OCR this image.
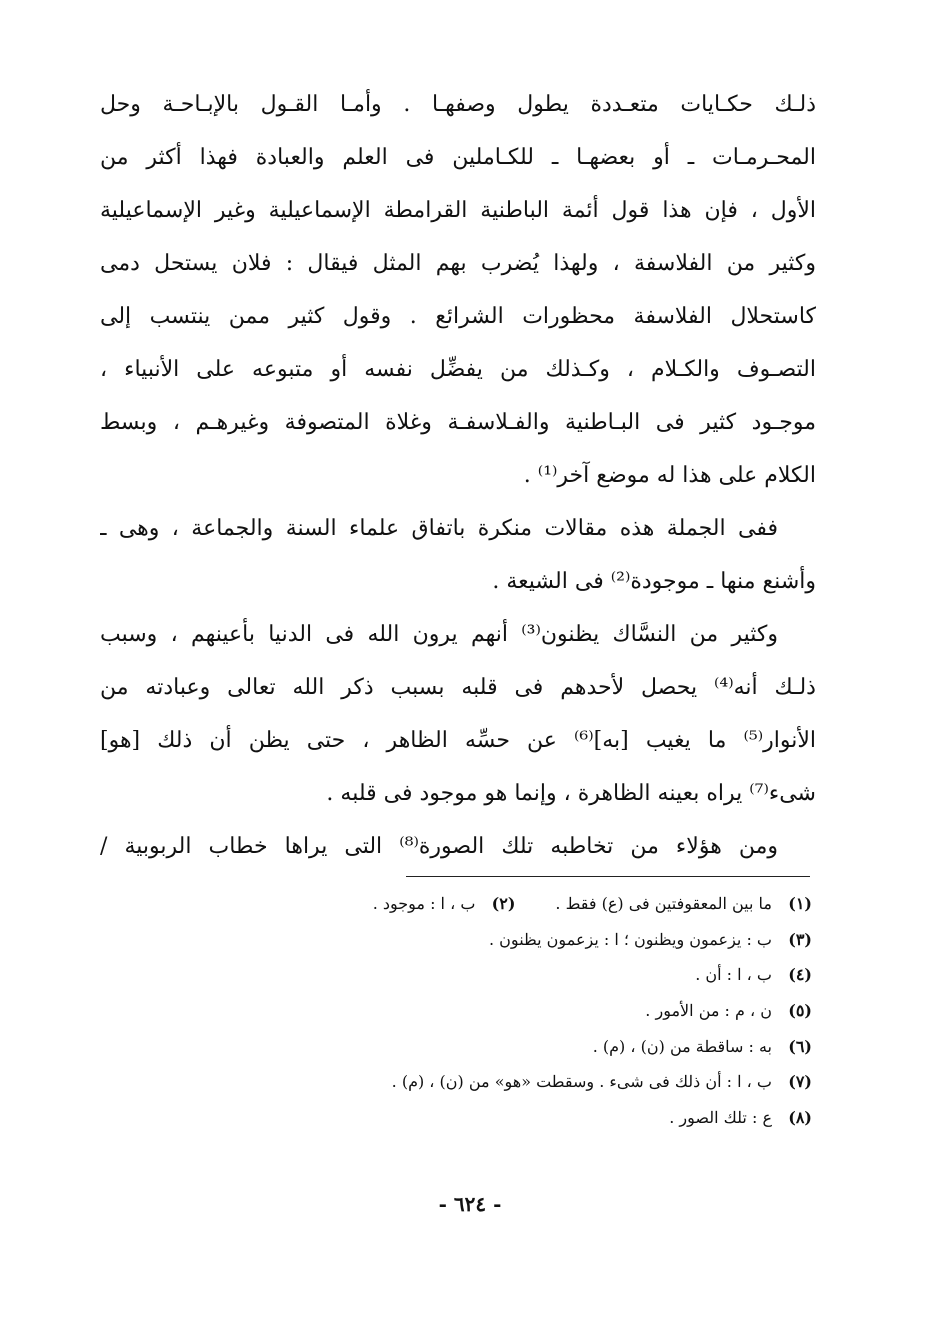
ذلـك حكـايات متعـددة يطول وصفهـا . وأمـا القـول بالإبـاحـة وحل
المحـرمـات ـ أو بعضهـا ـ للكـاملين فى العلم والعبادة فهذا أكثر من
الأول ، فإن هذا قول أئمة الباطنية القرامطة الإسماعيلية وغير الإسماعيلية
وكثير من الفلاسفة ، ولهذا يُضرب بهم المثل فيقال : فلان يستحل دمى
كاستحلال الفلاسفة محظورات الشرائع . وقول كثير ممن ينتسب إلى
التصـوف والكـلام ، وكـذلك من يفضِّل نفسه أو متبوعه على الأنبياء ،
موجـود كثير فى البـاطنية والفـلاسفـة وغلاة المتصوفة وغيرهـم ، وبسط
الكلام على هذا له موضع آخر⁽¹⁾ .
ففى الجملة هذه مقالات منكرة باتفاق علماء السنة والجماعة ، وهى ـ
وأشنع منها ـ موجودة⁽²⁾ فى الشيعة .
وكثير من النسَّاك يظنون⁽³⁾ أنهم يرون الله فى الدنيا بأعينهم ، وسبب
ذلـك أنه⁽⁴⁾ يحصل لأحدهم فى قلبه بسبب ذكر الله تعالى وعبادته من
الأنوار⁽⁵⁾ ما يغيب [به]⁽⁶⁾ عن حسِّه الظاهر ، حتى يظن أن ذلك [هو]
شىء⁽⁷⁾ يراه بعينه الظاهرة ، وإنما هو موجود فى قلبه .
ومن هؤلاء من تخاطبه تلك الصورة⁽⁸⁾ التى يراها خطاب الربوبية /
(١)ما بين المعقوفتين فى (ع) فقط .(٢)ب ، ا : موجود .
(٣)ب : يزعمون ويظنون ؛ ا : يزعمون يظنون .
(٤)ب ، ا : أن .
(٥)ن ، م : من الأمور .
(٦)به : ساقطة من (ن) ، (م) .
(٧)ب ، ا : أن ذلك فى شىء . وسقطت «هو» من (ن) ، (م) .
(٨)ع : تلك الصور .
- ٦٢٤ -
